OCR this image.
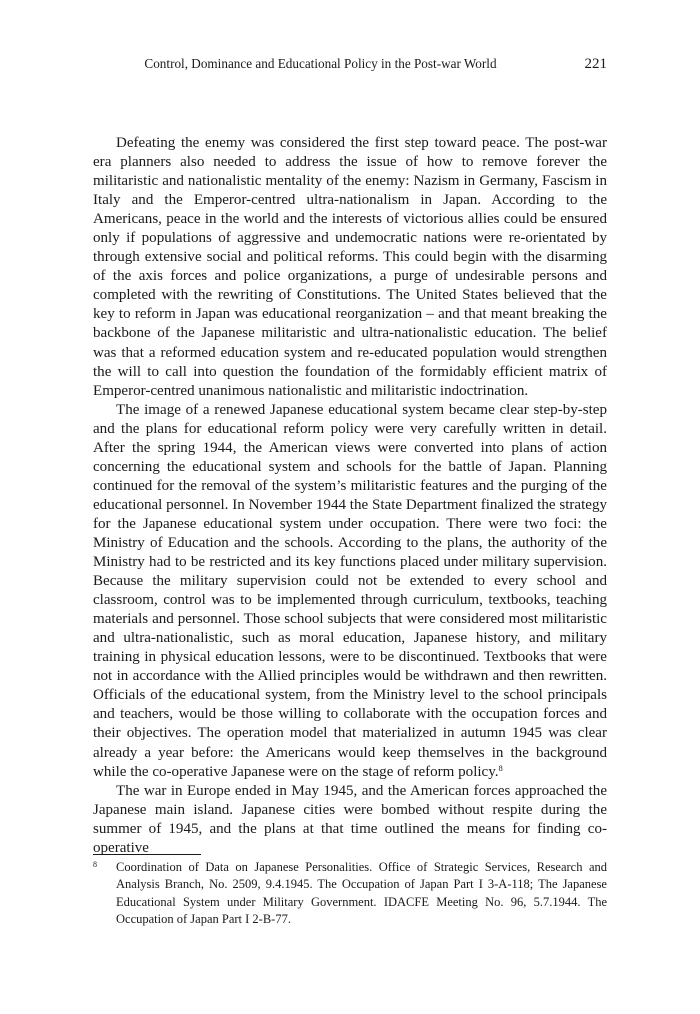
Control, Dominance and Educational Policy in the Post-war World	221

Defeating the enemy was considered the first step toward peace. The post-war era planners also needed to address the issue of how to remove forever the militaristic and nationalistic mentality of the enemy: Nazism in Germany, Fascism in Italy and the Emperor-centred ultra-nationalism in Japan. According to the Americans, peace in the world and the interests of victorious allies could be ensured only if populations of aggressive and undemocratic nations were re-orientated by through extensive social and political reforms. This could begin with the disarming of the axis forces and police organizations, a purge of undesirable persons and completed with the rewriting of Constitutions. The United States believed that the key to reform in Japan was educational reorganization – and that meant breaking the backbone of the Japanese militaristic and ultra-nationalistic education. The belief was that a reformed education system and re-educated population would strengthen the will to call into question the foundation of the formidably efficient matrix of Emperor-centred unanimous nationalistic and militaristic indoctrination.

The image of a renewed Japanese educational system became clear step-by-step and the plans for educational reform policy were very carefully written in detail. After the spring 1944, the American views were converted into plans of action concerning the educational system and schools for the battle of Japan. Planning continued for the removal of the system’s militaristic features and the purging of the educational personnel. In November 1944 the State Department finalized the strategy for the Japanese educational system under occupation. There were two foci: the Ministry of Education and the schools. According to the plans, the authority of the Ministry had to be restricted and its key functions placed under military supervision. Because the military supervision could not be extended to every school and classroom, control was to be implemented through curriculum, textbooks, teaching materials and personnel. Those school subjects that were considered most militaristic and ultra-nationalistic, such as moral education, Japanese history, and military training in physical education lessons, were to be discontinued. Textbooks that were not in accordance with the Allied principles would be withdrawn and then rewritten. Officials of the educational system, from the Ministry level to the school principals and teachers, would be those willing to collaborate with the occupation forces and their objectives. The operation model that materialized in autumn 1945 was clear already a year before: the Americans would keep themselves in the background while the co-operative Japanese were on the stage of reform policy.$^8$

The war in Europe ended in May 1945, and the American forces approached the Japanese main island. Japanese cities were bombed without respite during the summer of 1945, and the plans at that time outlined the means for finding co-operative

8 Coordination of Data on Japanese Personalities. Office of Strategic Services, Research and Analysis Branch, No. 2509, 9.4.1945. The Occupation of Japan Part I 3-A-118; The Japanese Educational System under Military Government. IDACFE Meeting No. 96, 5.7.1944. The Occupation of Japan Part I 2-B-77.
